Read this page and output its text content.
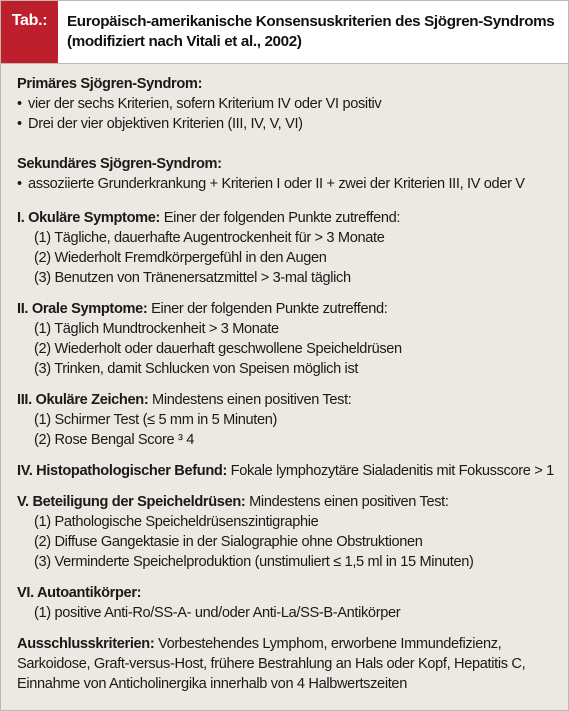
Tab.:	Europäisch-amerikanische Konsensuskriterien des Sjögren-Syndroms
(modifiziert nach Vitali et al., 2002)
Primäres Sjögren-Syndrom:
• vier der sechs Kriterien, sofern Kriterium IV oder VI positiv
• Drei der vier objektiven Kriterien (III, IV, V, VI)
Sekundäres Sjögren-Syndrom:
• assoziierte Grunderkrankung + Kriterien I oder II + zwei der Kriterien III, IV oder V
I. Okuläre Symptome: Einer der folgenden Punkte zutreffend:
(1) Tägliche, dauerhafte Augentrockenheit für > 3 Monate
(2) Wiederholt Fremdkörpergefühl in den Augen
(3) Benutzen von Tränenersatzmittel > 3-mal täglich
II. Orale Symptome: Einer der folgenden Punkte zutreffend:
(1) Täglich Mundtrockenheit > 3 Monate
(2) Wiederholt oder dauerhaft geschwollene Speicheldrüsen
(3) Trinken, damit Schlucken von Speisen möglich ist
III. Okuläre Zeichen: Mindestens einen positiven Test:
(1) Schirmer Test (≤ 5 mm in 5 Minuten)
(2) Rose Bengal Score ³ 4
IV. Histopathologischer Befund: Fokale lymphozytäre Sialadenitis mit Fokusscore > 1
V. Beteiligung der Speicheldrüsen: Mindestens einen positiven Test:
(1) Pathologische Speicheldrüsenszintigraphie
(2) Diffuse Gangektasie in der Sialographie ohne Obstruktionen
(3) Verminderte Speichelproduktion (unstimuliert ≤ 1,5 ml in 15 Minuten)
VI. Autoantikörper:
(1) positive Anti-Ro/SS-A- und/oder Anti-La/SS-B-Antikörper
Ausschlusskriterien: Vorbestehendes Lymphom, erworbene Immundefizienz,
Sarkoidose, Graft-versus-Host, frühere Bestrahlung an Hals oder Kopf, Hepatitis C,
Einnahme von Anticholinergika innerhalb von 4 Halbwertszeiten
